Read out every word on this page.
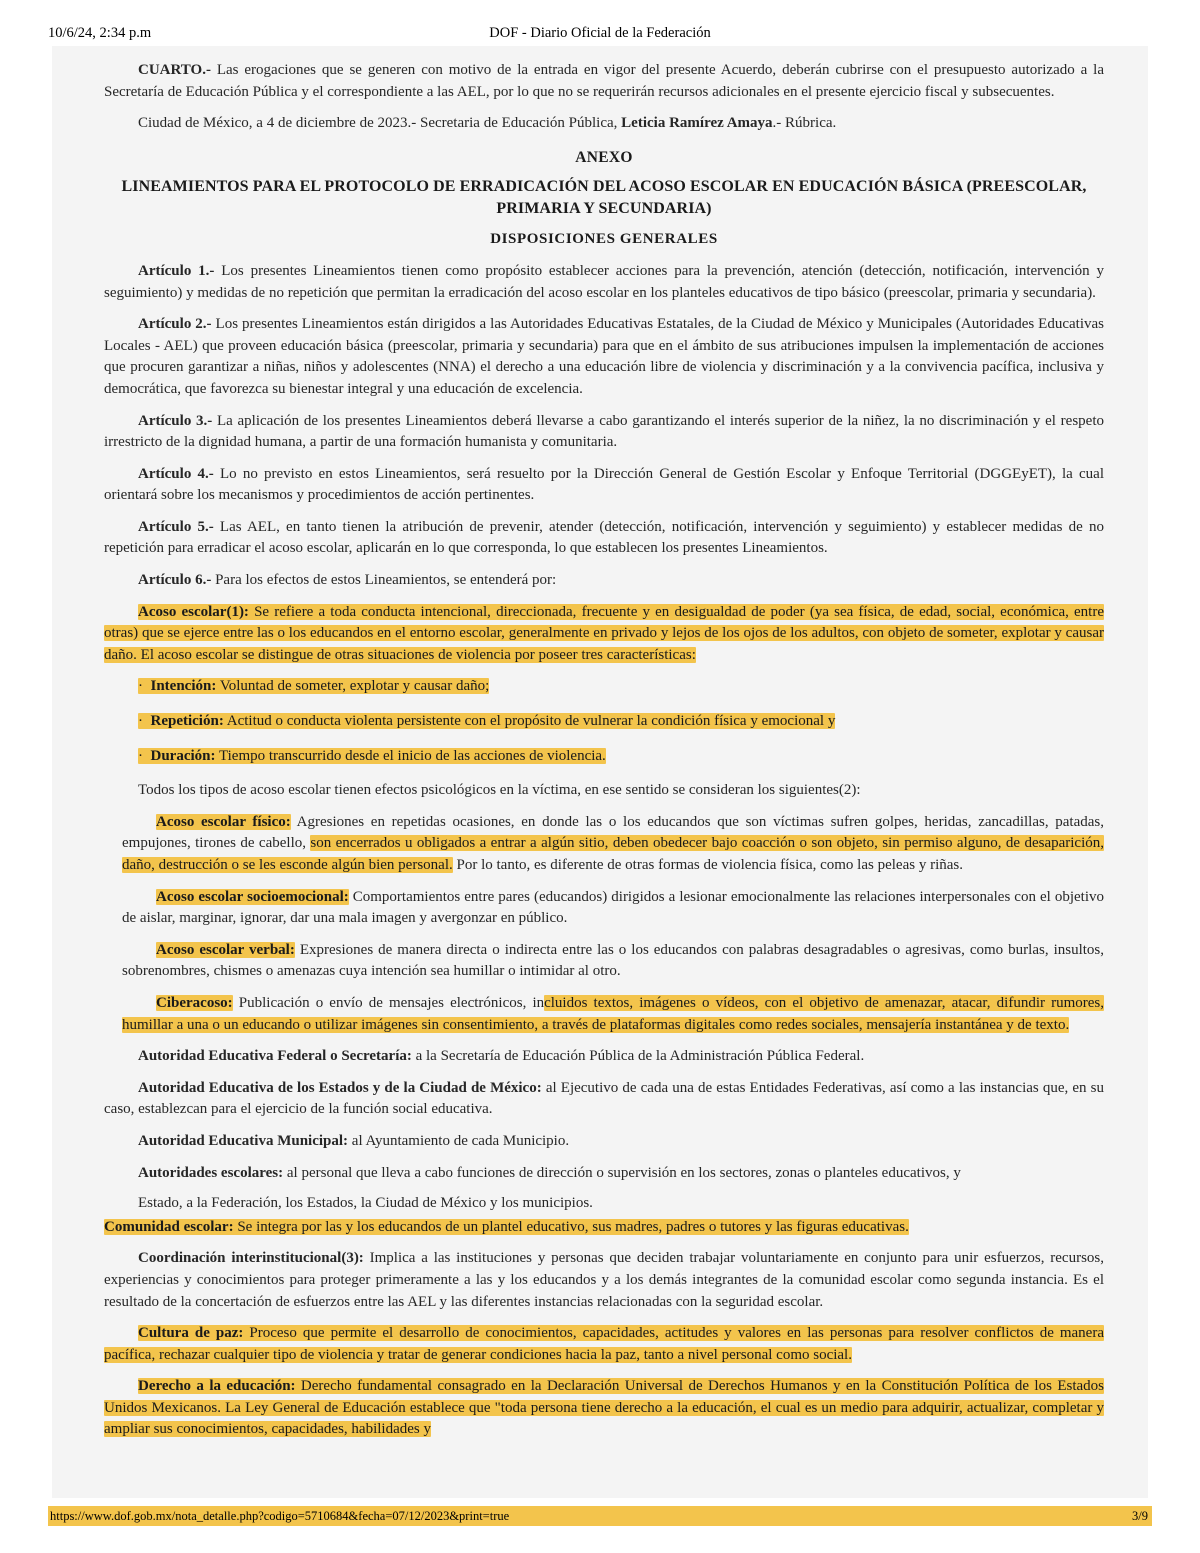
10/6/24, 2:34 p.m	DOF - Diario Oficial de la Federación

CUARTO.- Las erogaciones que se generen con motivo de la entrada en vigor del presente Acuerdo, deberán cubrirse con el presupuesto autorizado a la Secretaría de Educación Pública y el correspondiente a las AEL, por lo que no se requerirán recursos adicionales en el presente ejercicio fiscal y subsecuentes.

Ciudad de México, a 4 de diciembre de 2023.- Secretaria de Educación Pública, Leticia Ramírez Amaya.- Rúbrica.

ANEXO
LINEAMIENTOS PARA EL PROTOCOLO DE ERRADICACIÓN DEL ACOSO ESCOLAR EN EDUCACIÓN BÁSICA (PREESCOLAR, PRIMARIA Y SECUNDARIA)
DISPOSICIONES GENERALES

Artículo 1.- Los presentes Lineamientos tienen como propósito establecer acciones para la prevención, atención (detección, notificación, intervención y seguimiento) y medidas de no repetición que permitan la erradicación del acoso escolar en los planteles educativos de tipo básico (preescolar, primaria y secundaria).

Artículo 2.- Los presentes Lineamientos están dirigidos a las Autoridades Educativas Estatales, de la Ciudad de México y Municipales (Autoridades Educativas Locales - AEL) que proveen educación básica (preescolar, primaria y secundaria) para que en el ámbito de sus atribuciones impulsen la implementación de acciones que procuren garantizar a niñas, niños y adolescentes (NNA) el derecho a una educación libre de violencia y discriminación y a la convivencia pacífica, inclusiva y democrática, que favorezca su bienestar integral y una educación de excelencia.

Artículo 3.- La aplicación de los presentes Lineamientos deberá llevarse a cabo garantizando el interés superior de la niñez, la no discriminación y el respeto irrestricto de la dignidad humana, a partir de una formación humanista y comunitaria.

Artículo 4.- Lo no previsto en estos Lineamientos, será resuelto por la Dirección General de Gestión Escolar y Enfoque Territorial (DGGEyET), la cual orientará sobre los mecanismos y procedimientos de acción pertinentes.

Artículo 5.- Las AEL, en tanto tienen la atribución de prevenir, atender (detección, notificación, intervención y seguimiento) y establecer medidas de no repetición para erradicar el acoso escolar, aplicarán en lo que corresponda, lo que establecen los presentes Lineamientos.

Artículo 6.- Para los efectos de estos Lineamientos, se entenderá por:

Acoso escolar(1): Se refiere a toda conducta intencional, direccionada, frecuente y en desigualdad de poder (ya sea física, de edad, social, económica, entre otras) que se ejerce entre las o los educandos en el entorno escolar, generalmente en privado y lejos de los ojos de los adultos, con objeto de someter, explotar y causar daño. El acoso escolar se distingue de otras situaciones de violencia por poseer tres características:

· Intención: Voluntad de someter, explotar y causar daño;

· Repetición: Actitud o conducta violenta persistente con el propósito de vulnerar la condición física y emocional y

· Duración: Tiempo transcurrido desde el inicio de las acciones de violencia.

Todos los tipos de acoso escolar tienen efectos psicológicos en la víctima, en ese sentido se consideran los siguientes(2):

Acoso escolar físico: Agresiones en repetidas ocasiones, en donde las o los educandos que son víctimas sufren golpes, heridas, zancadillas, patadas, empujones, tirones de cabello, son encerrados u obligados a entrar a algún sitio, deben obedecer bajo coacción o son objeto, sin permiso alguno, de desaparición, daño, destrucción o se les esconde algún bien personal. Por lo tanto, es diferente de otras formas de violencia física, como las peleas y riñas.

Acoso escolar socioemocional: Comportamientos entre pares (educandos) dirigidos a lesionar emocionalmente las relaciones interpersonales con el objetivo de aislar, marginar, ignorar, dar una mala imagen y avergonzar en público.

Acoso escolar verbal: Expresiones de manera directa o indirecta entre las o los educandos con palabras desagradables o agresivas, como burlas, insultos, sobrenombres, chismes o amenazas cuya intención sea humillar o intimidar al otro.

Ciberacoso: Publicación o envío de mensajes electrónicos, incluidos textos, imágenes o vídeos, con el objetivo de amenazar, atacar, difundir rumores, humillar a una o un educando o utilizar imágenes sin consentimiento, a través de plataformas digitales como redes sociales, mensajería instantánea y de texto.

Autoridad Educativa Federal o Secretaría: a la Secretaría de Educación Pública de la Administración Pública Federal.

Autoridad Educativa de los Estados y de la Ciudad de México: al Ejecutivo de cada una de estas Entidades Federativas, así como a las instancias que, en su caso, establezcan para el ejercicio de la función social educativa.

Autoridad Educativa Municipal: al Ayuntamiento de cada Municipio.

Autoridades escolares: al personal que lleva a cabo funciones de dirección o supervisión en los sectores, zonas o planteles educativos, y

Estado, a la Federación, los Estados, la Ciudad de México y los municipios.

Comunidad escolar: Se integra por las y los educandos de un plantel educativo, sus madres, padres o tutores y las figuras educativas.

Coordinación interinstitucional(3): Implica a las instituciones y personas que deciden trabajar voluntariamente en conjunto para unir esfuerzos, recursos, experiencias y conocimientos para proteger primeramente a las y los educandos y a los demás integrantes de la comunidad escolar como segunda instancia. Es el resultado de la concertación de esfuerzos entre las AEL y las diferentes instancias relacionadas con la seguridad escolar.

Cultura de paz: Proceso que permite el desarrollo de conocimientos, capacidades, actitudes y valores en las personas para resolver conflictos de manera pacífica, rechazar cualquier tipo de violencia y tratar de generar condiciones hacia la paz, tanto a nivel personal como social.

Derecho a la educación: Derecho fundamental consagrado en la Declaración Universal de Derechos Humanos y en la Constitución Política de los Estados Unidos Mexicanos. La Ley General de Educación establece que "toda persona tiene derecho a la educación, el cual es un medio para adquirir, actualizar, completar y ampliar sus conocimientos, capacidades, habilidades y

https://www.dof.gob.mx/nota_detalle.php?codigo=5710684&fecha=07/12/2023&print=true	3/9
